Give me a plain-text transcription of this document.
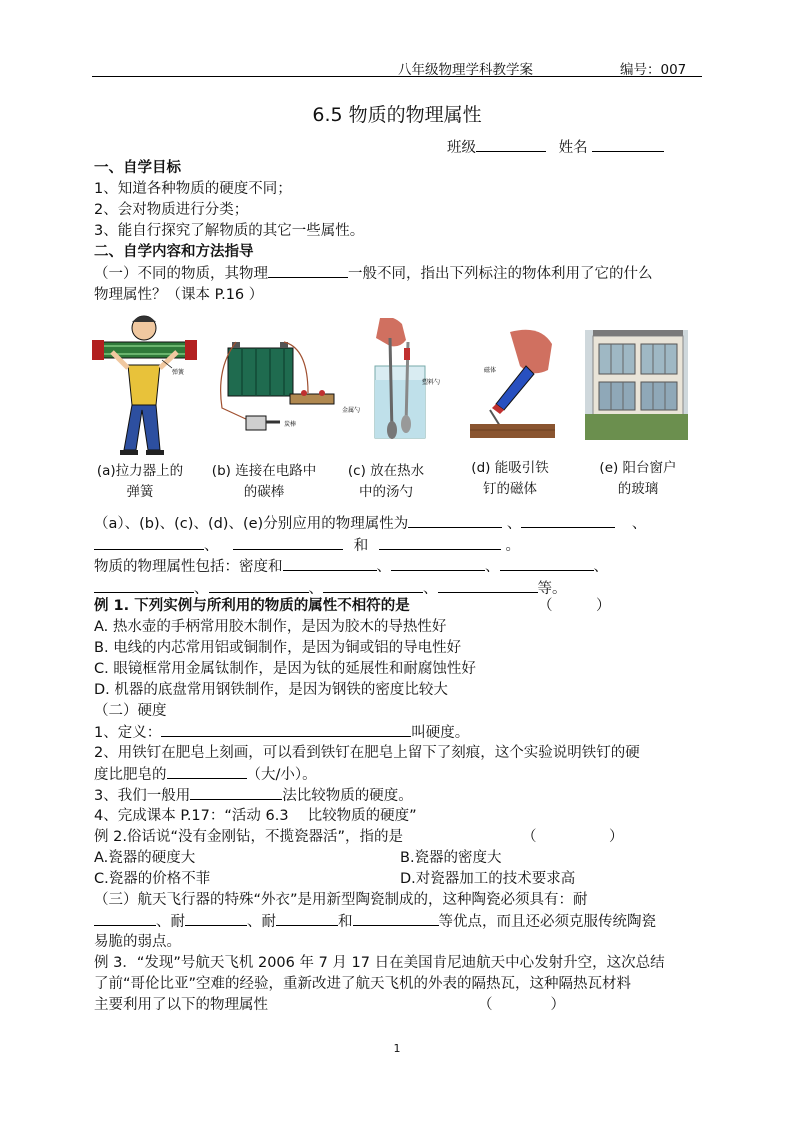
八年级物理学科教学案	编号：007
6.5 物质的物理属性
班级	姓名
一、自学目标
1、知道各种物质的硬度不同；
2、会对物质进行分类；
3、能自行探究了解物质的其它一些属性。
二、自学内容和方法指导
（一）不同的物质，其物理	一般不同，指出下列标注的物体利用了它的什么
物理属性？（课本 P.16 ）
弹簧
炭棒
金属勺
塑料勺
磁体
(a)拉力器上的
弹簧
(b) 连接在电路中
的碳棒
(c) 放在热水
中的汤勺
(d) 能吸引铁
钉的磁体
(e) 阳台窗户
的玻璃
（a）、(b)、(c)、(d)、(e)分别应用的物理属性为	、	、
、	和	。
物质的物理属性包括：密度和	、	、	、
、	、	、	等。
例 1. 下列实例与所利用的物质的属性不相符的是	（　　　）
A. 热水壶的手柄常用胶木制作，是因为胶木的导热性好
B. 电线的内芯常用铝或铜制作，是因为铜或铝的导电性好
C. 眼镜框常用金属钛制作，是因为钛的延展性和耐腐蚀性好
D. 机器的底盘常用钢铁制作，是因为钢铁的密度比较大
（二）硬度
1、定义：	叫硬度。
2、用铁钉在肥皂上刻画，可以看到铁钉在肥皂上留下了刻痕，这个实验说明铁钉的硬
度比肥皂的	（大/小）。
3、我们一般用	法比较物质的硬度。
4、完成课本 P.17：“活动 6.3　 比较物质的硬度”
例 2.俗话说“没有金刚钻，不揽瓷器活”，指的是	（　　　　　）
A.瓷器的硬度大	B.瓷器的密度大
C.瓷器的价格不菲	D.对瓷器加工的技术要求高
（三）航天飞行器的特殊“外衣”是用新型陶瓷制成的，这种陶瓷必须具有：耐
、耐	、耐	和	等优点，而且还必须克服传统陶瓷
易脆的弱点。
例 3．“发现”号航天飞机 2006 年 7 月 17 日在美国肯尼迪航天中心发射升空，这次总结
了前“哥伦比亚”空难的经验，重新改进了航天飞机的外表的隔热瓦，这种隔热瓦材料
主要利用了以下的物理属性	（　　　　）
1
